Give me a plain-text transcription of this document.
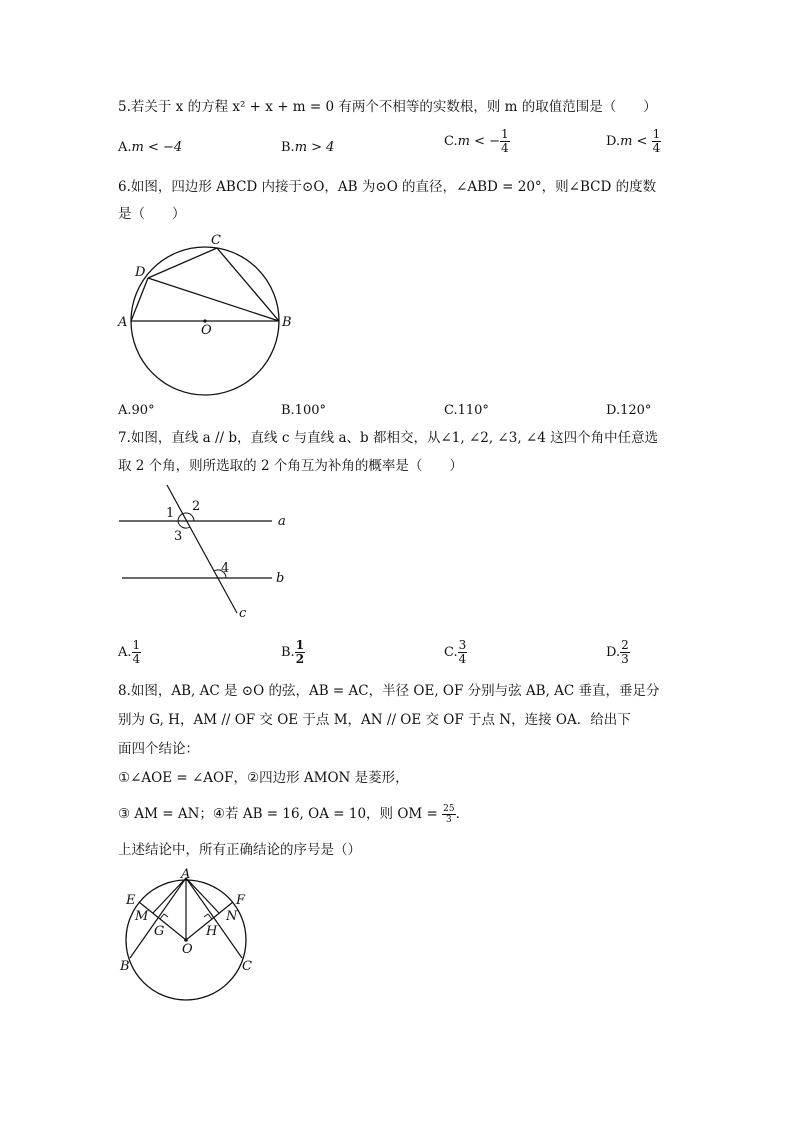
5.若关于 x 的方程 x² + x + m = 0 有两个不相等的实数根，则 m 的取值范围是（　　）
A.m < −4	B.m > 4	C.m < − $\frac{1}{4}$	$D.m < \frac{1}{4}$
6.如图，四边形 ABCD 内接于⊙O，AB 为⊙O 的直径，∠ABD = 20°，则∠BCD 的度数
是（　　）
A	B
C
D
O
A.90°	B.100°	C.110°	D.120°
7.如图，直线 a // b，直线 c 与直线 a、b 都相交，从∠1, ∠2, ∠3, ∠4 这四个角中任意选
取 2 个角，则所选取的 2 个角互为补角的概率是（　　）
1 2
3
4
a
b
c
A. $\frac{1}{4}$	B. $\frac{1}{2}$	C. $\frac{3}{4}$	D. $\frac{2}{3}$
8.如图，AB, AC 是 ⊙O 的弦，AB = AC，半径 OE, OF 分别与弦 AB, AC 垂直，垂足分
别为 G, H，AM // OF 交 OE 于点 M，AN // OE 交 OF 于点 N，连接 OA．给出下
面四个结论：
①∠AOE = ∠AOF，②四边形 AMON 是菱形，
③ AM = AN；④若 AB = 16, OA = 10，则 OM = $\frac{25}{3}$ ．
上述结论中，所有正确结论的序号是（）
A
E	F
M	N
G	H
O
B	C
